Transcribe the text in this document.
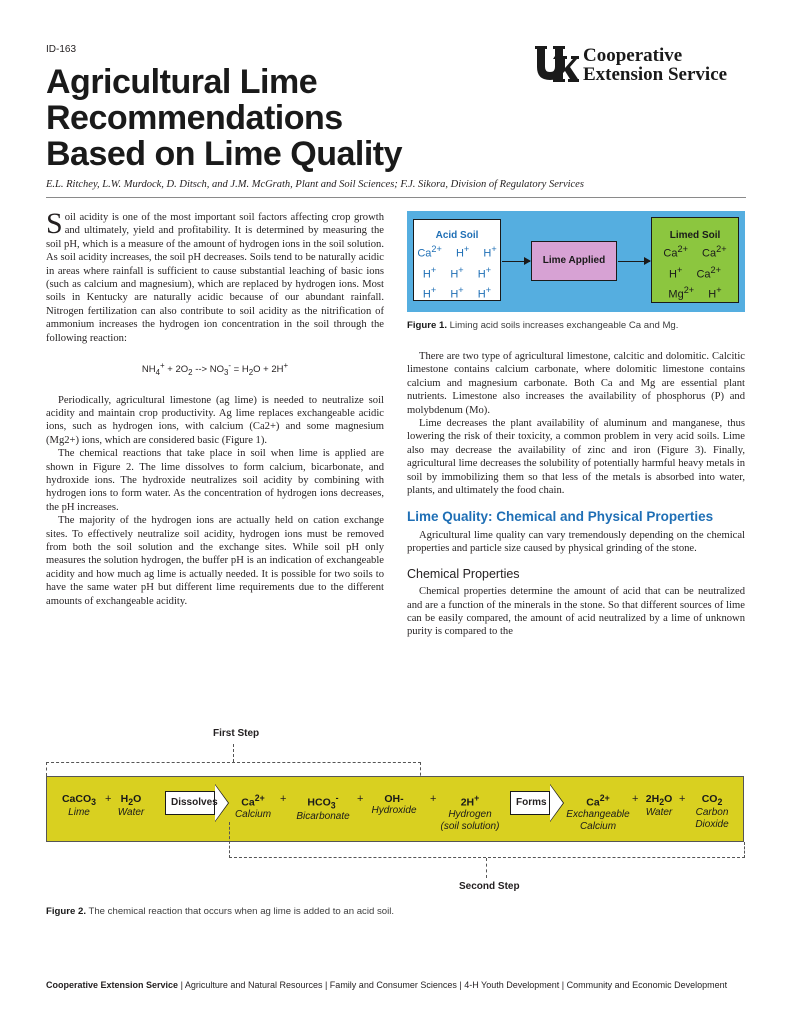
ID-163	Cooperative
Extension Service
Agricultural Lime
Recommendations
Based on Lime Quality
E.L. Ritchey, L.W. Murdock, D. Ditsch, and J.M. McGrath, Plant and Soil Sciences; F.J. Sikora, Division of Regulatory Services

Soil acidity is one of the most important soil factors affecting crop growth and ultimately, yield and profitability. It is determined by measuring the soil pH, which is a measure of the amount of hydrogen ions in the soil solution. As soil acidity increases, the soil pH decreases. Soils tend to be naturally acidic in areas where rainfall is sufficient to cause substantial leaching of basic ions (such as calcium and magnesium), which are replaced by hydrogen ions. Most soils in Kentucky are naturally acidic because of our abundant rainfall. Nitrogen fertilization can also contribute to soil acidity as the nitrification of ammonium increases the hydrogen ion concentration in the soil through the following reaction:

$NH_4^+ + 2O_2$ --> $NO_3^- = H_2O + 2H^+$

Periodically, agricultural limestone (ag lime) is needed to neutralize soil acidity and maintain crop productivity. Ag lime replaces exchangeable acidic ions, such as hydrogen ions, with calcium (Ca2+) and some magnesium (Mg2+) ions, which are considered basic (Figure 1).

The chemical reactions that take place in soil when lime is applied are shown in Figure 2. The lime dissolves to form calcium, bicarbonate, and hydroxide ions. The hydroxide neutralizes soil acidity by combining with hydrogen ions to form water. As the concentration of hydrogen ions decreases, the pH increases.

The majority of the hydrogen ions are actually held on cation exchange sites. To effectively neutralize soil acidity, hydrogen ions must be removed from both the soil solution and the exchange sites. While soil pH only measures the solution hydrogen, the buffer pH is an indication of exchangeable acidity and how much ag lime is actually needed. It is possible for two soils to have the same water pH but different lime requirements due to the different amounts of exchangeable acidity.

Acid Soil
$Ca^{2+}$  H+  H+
H+  H+  H+
H+  H+  H+
Lime Applied
Limed Soil
$Ca^{2+}$  $Ca^{2+}$
H+  $Ca^{2+}$
$Mg^{2+}$  H+
Figure 1. Liming acid soils increases exchangeable Ca and Mg.

There are two type of agricultural limestone, calcitic and dolomitic. Calcitic limestone contains calcium carbonate, where dolomitic limestone contains calcium and magnesium carbonate. Both Ca and Mg are essential plant nutrients. Limestone also increases the availability of phosphorus (P) and molybdenum (Mo).

Lime decreases the plant availability of aluminum and manganese, thus lowering the risk of their toxicity, a common problem in very acid soils. Lime also may decrease the availability of zinc and iron (Figure 3). Finally, agricultural lime decreases the solubility of potentially harmful heavy metals in soil by immobilizing them so that less of the metals is absorbed into water, plants, and ultimately the food chain.

Lime Quality: Chemical and Physical Properties

Agricultural lime quality can vary tremendously depending on the chemical properties and particle size caused by physical grinding of the stone.

Chemical Properties

Chemical properties determine the amount of acid that can be neutralized and are a function of the minerals in the stone. So that different sources of lime can be easily compared, the amount of acid neutralized by a lime of unknown purity is compared to the

First Step
CaCO$_3$
Lime
+ $H_2O$
Water
Dissolves	$Ca^{2+}$
Calcium
+	$HCO_3^-$
Bicarbonate
+	OH-
Hydroxide
+	2H+
Hydrogen
(soil solution)
Forms	$Ca^{2+}$
Exchangeable
Calcium
+ $2H_2O$
Water
+	$CO_2$
Carbon
Dioxide
Second Step
Figure 2. The chemical reaction that occurs when ag lime is added to an acid soil.
Cooperative Extension Service | Agriculture and Natural Resources | Family and Consumer Sciences | 4-H Youth Development | Community and Economic Development
